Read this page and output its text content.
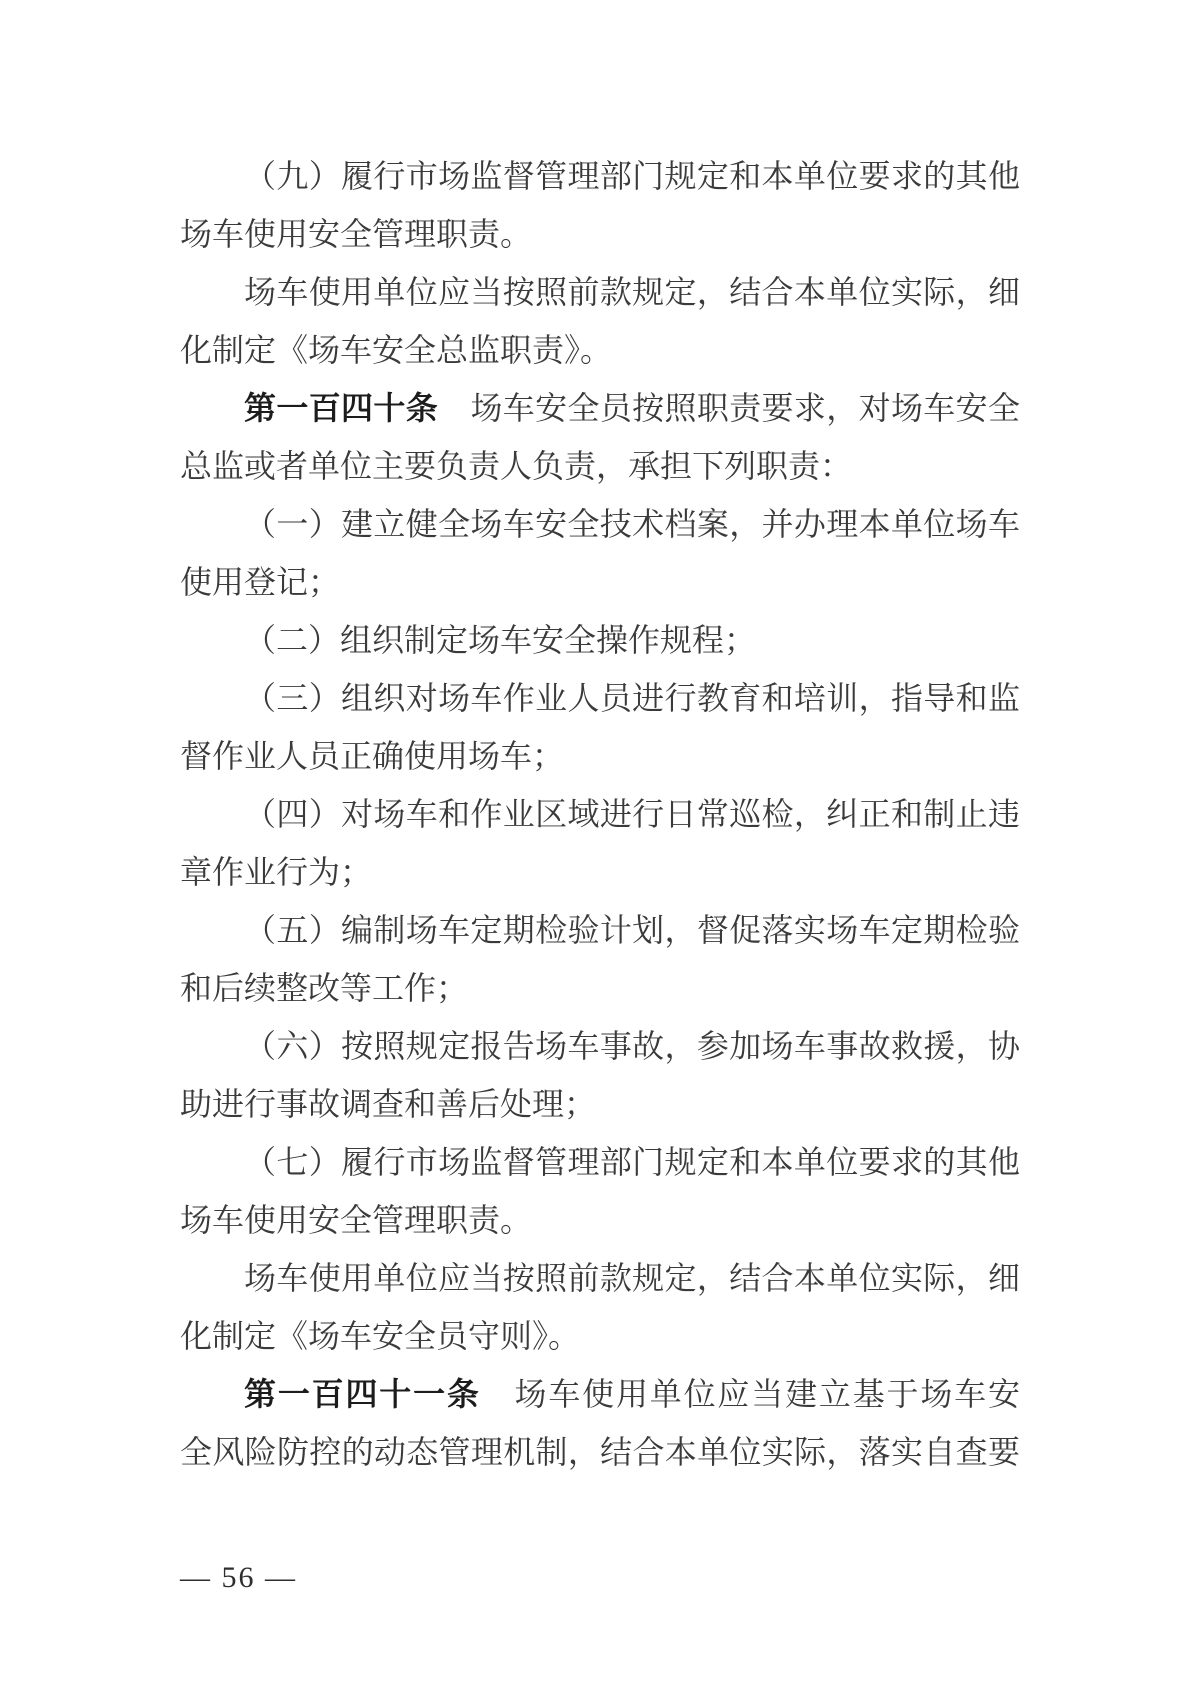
（九）履行市场监督管理部门规定和本单位要求的其他
场车使用安全管理职责。
场车使用单位应当按照前款规定，结合本单位实际，细
化制定《场车安全总监职责》。
第一百四十条　场车安全员按照职责要求，对场车安全
总监或者单位主要负责人负责，承担下列职责：
（一）建立健全场车安全技术档案，并办理本单位场车
使用登记；
（二）组织制定场车安全操作规程；
（三）组织对场车作业人员进行教育和培训，指导和监
督作业人员正确使用场车；
（四）对场车和作业区域进行日常巡检，纠正和制止违
章作业行为；
（五）编制场车定期检验计划，督促落实场车定期检验
和后续整改等工作；
（六）按照规定报告场车事故，参加场车事故救援，协
助进行事故调查和善后处理；
（七）履行市场监督管理部门规定和本单位要求的其他
场车使用安全管理职责。
场车使用单位应当按照前款规定，结合本单位实际，细
化制定《场车安全员守则》。
第一百四十一条　场车使用单位应当建立基于场车安
全风险防控的动态管理机制，结合本单位实际，落实自查要
— 56 —
